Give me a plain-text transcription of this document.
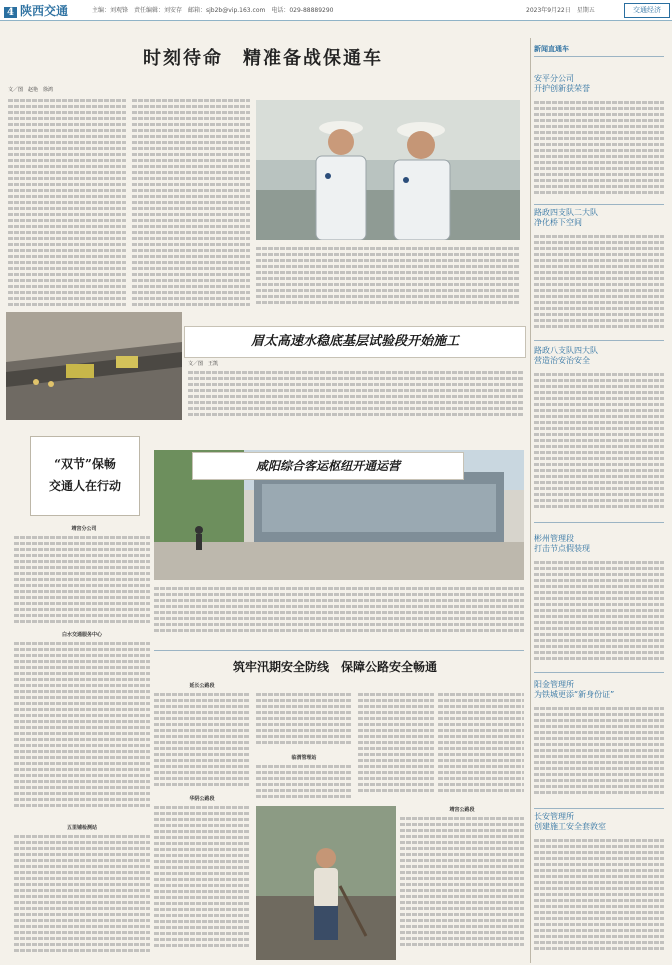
4 陕西交通	主编：刘观锋　责任编辑：刘安存　邮箱：sjb2b@vip.163.com　电话：029-88889290	2023年9月22日　星期五	交通经济
时刻待命　精准备战保通车
文／图　赵艳　徐鸿
眉太高速水稳底基层试验段开始施工
文／图　王凯
“双节”保畅
交通人在行动
靖宫分公司
白水交通服务中心
五里铺检测站
咸阳综合客运枢纽开通运营
筑牢汛期安全防线　保障公路安全畅通
延长公路段
华阴公路段
临渭管理站
靖宫公路段
新闻直通车
安平分公司
开护创新获荣誉
路政四支队二大队
净化桥下空间
路政八支队四大队
营造治安治安全
彬州管理段
打击节点假装现
阳金管理所
为铁城更添“新身份证”
长安管理所
创建施工安全套敦室
